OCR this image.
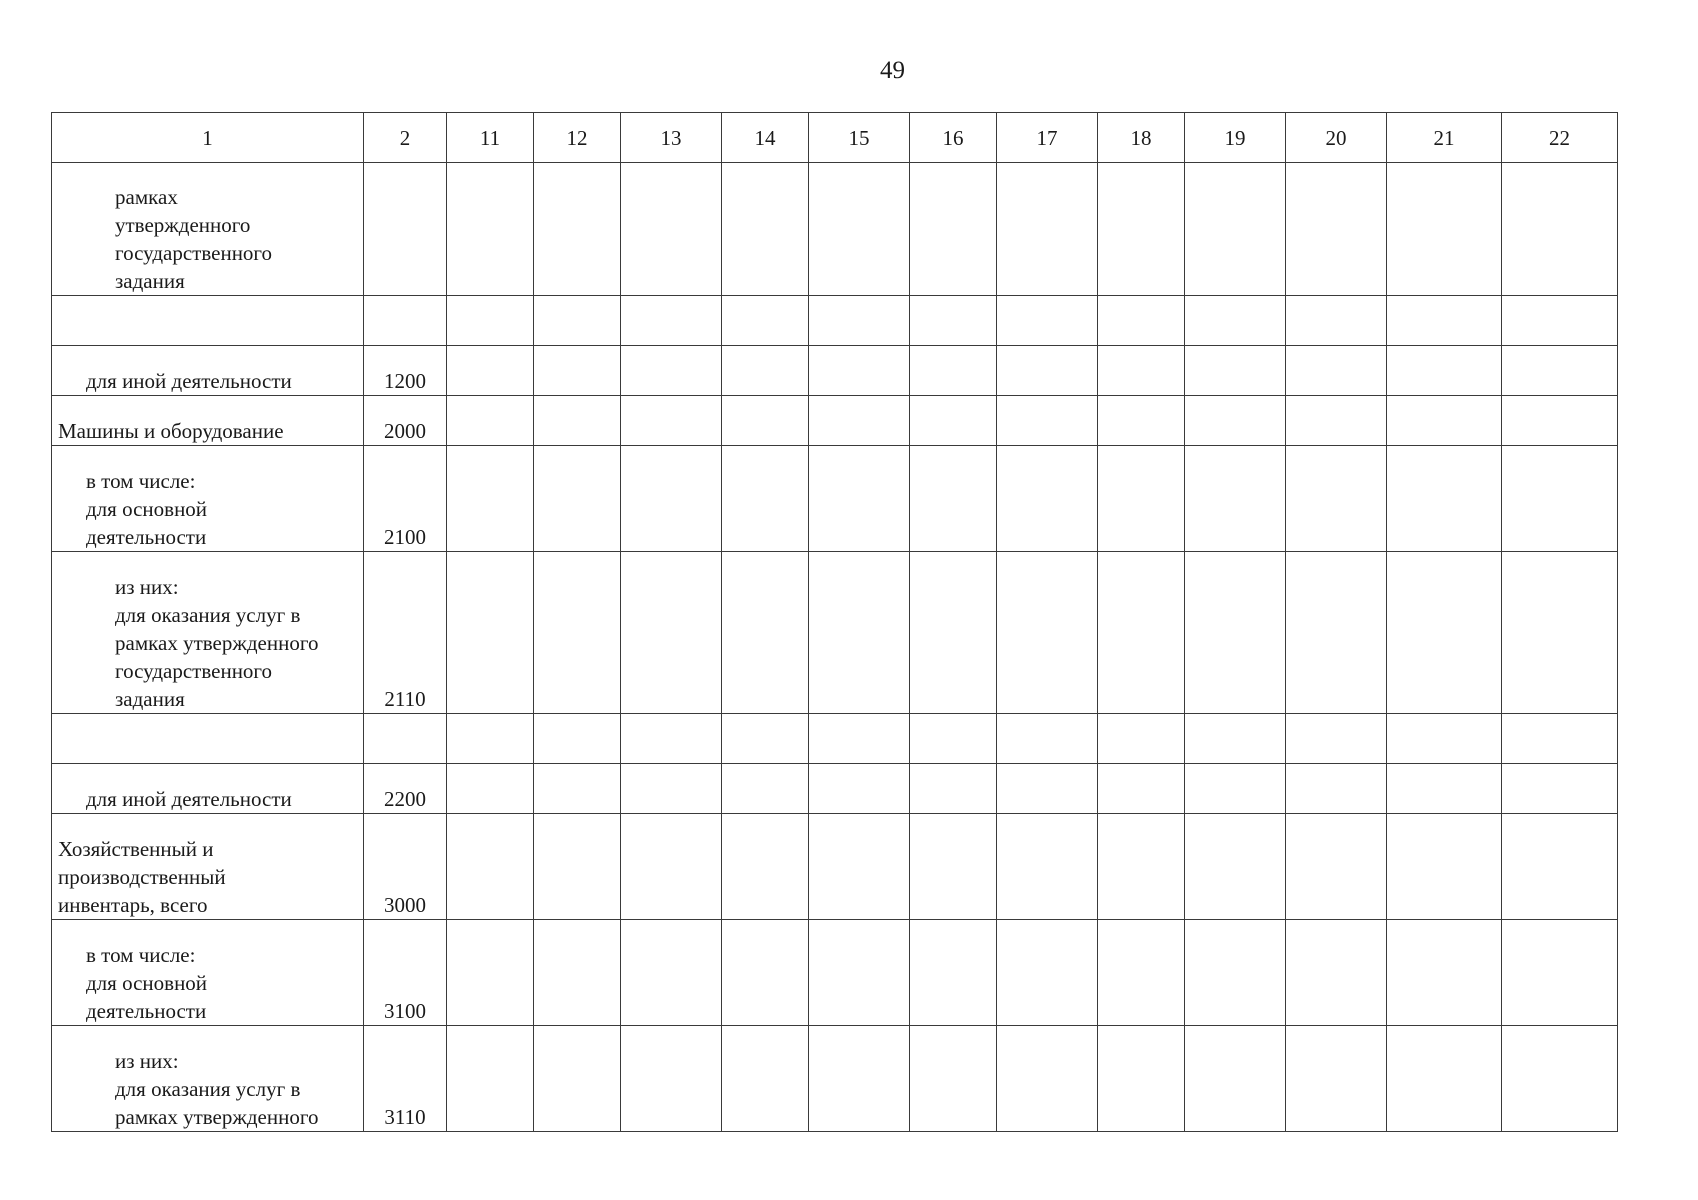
49
1	2	11	12	13	14	15	16	17	18	19	20	21	22

рамках
утвержденного
государственного
задания													

для иной деятельности	1200												

Машины и оборудование	2000												

в том числе:
для основной
деятельности	2100												

из них:
для оказания услуг в
рамках утвержденного
государственного
задания	2110												

для иной деятельности	2200												

Хозяйственный и
производственный
инвентарь, всего	3000												

в том числе:
для основной
деятельности	3100												

из них:
для оказания услуг в
рамках утвержденного	3110												
